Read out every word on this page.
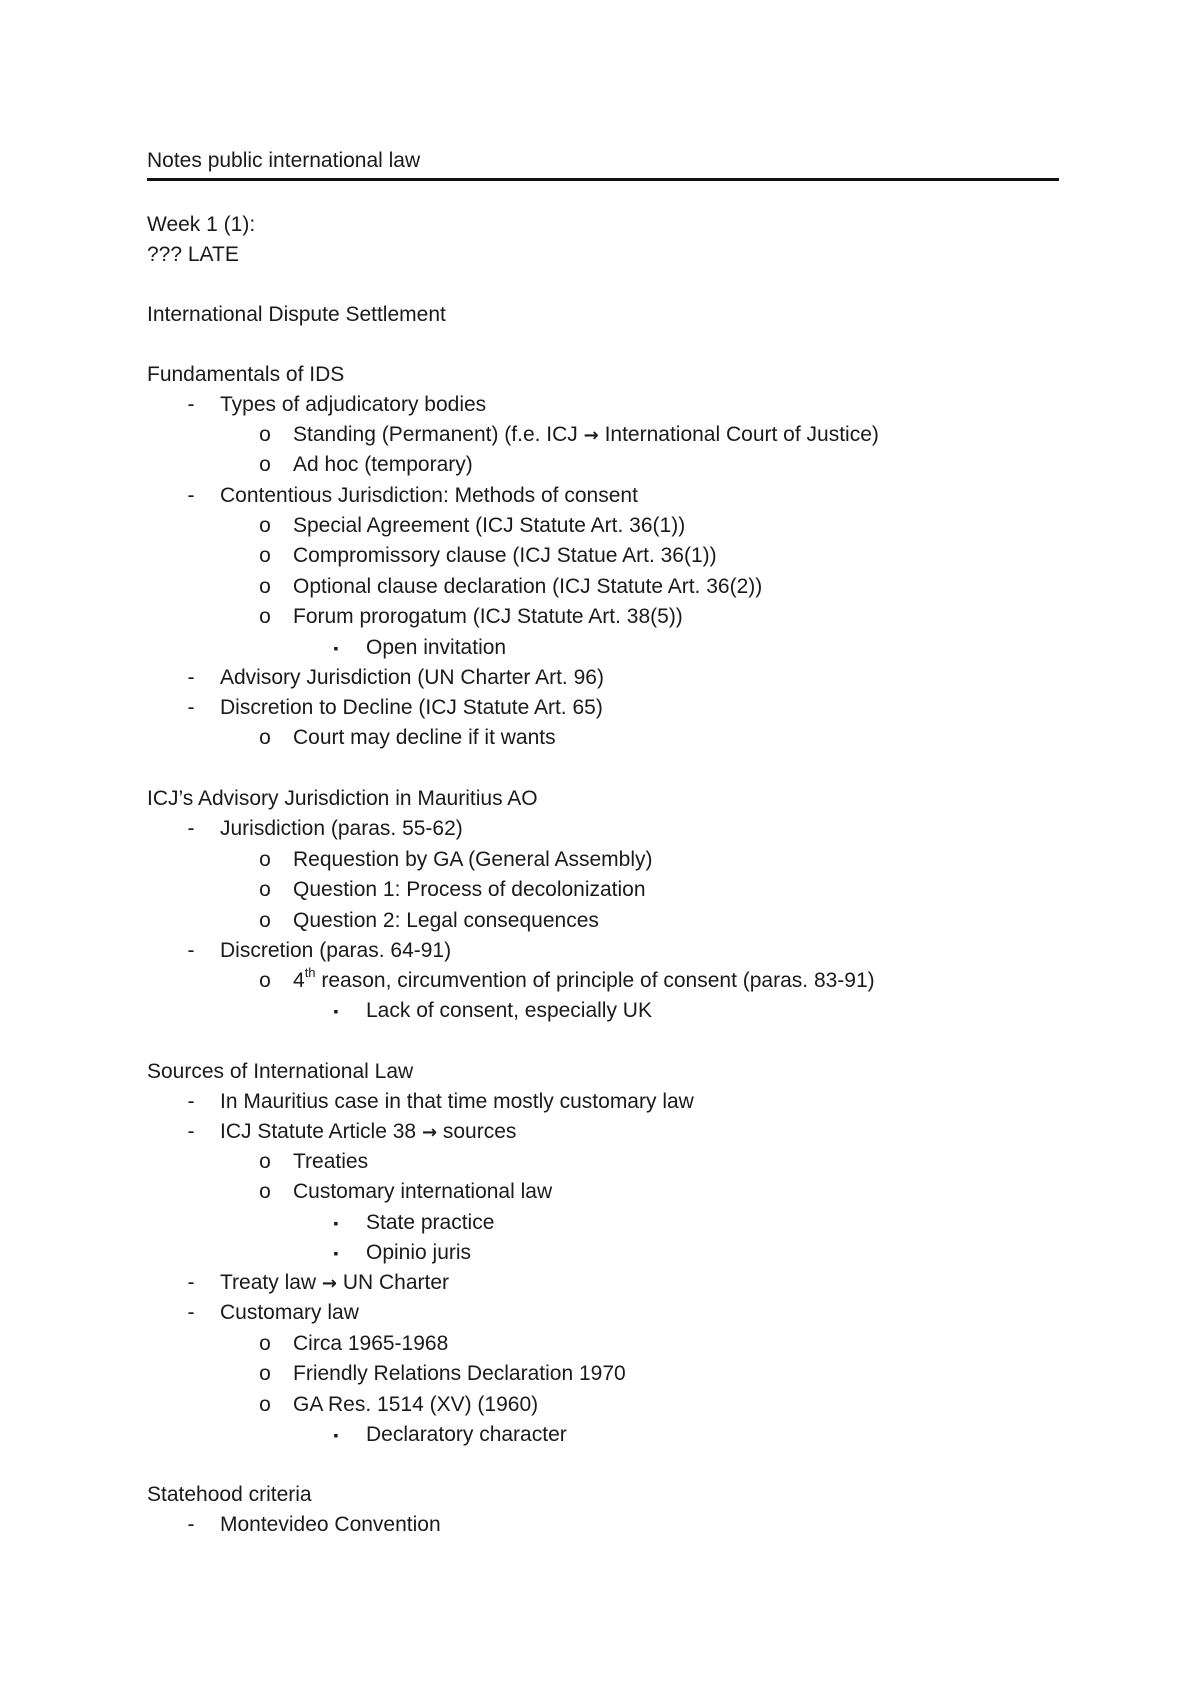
Notes public international law
Week 1 (1):
??? LATE
International Dispute Settlement
Fundamentals of IDS
- Types of adjudicatory bodies
o Standing (Permanent) (f.e. ICJ → International Court of Justice)
o Ad hoc (temporary)
- Contentious Jurisdiction: Methods of consent
o Special Agreement (ICJ Statute Art. 36(1))
o Compromissory clause (ICJ Statue Art. 36(1))
o Optional clause declaration (ICJ Statute Art. 36(2))
o Forum prorogatum (ICJ Statute Art. 38(5))
▪ Open invitation
- Advisory Jurisdiction (UN Charter Art. 96)
- Discretion to Decline (ICJ Statute Art. 65)
o Court may decline if it wants
ICJ’s Advisory Jurisdiction in Mauritius AO
- Jurisdiction (paras. 55-62)
o Requestion by GA (General Assembly)
o Question 1: Process of decolonization
o Question 2: Legal consequences
- Discretion (paras. 64-91)
o 4th reason, circumvention of principle of consent (paras. 83-91)
▪ Lack of consent, especially UK
Sources of International Law
- In Mauritius case in that time mostly customary law
- ICJ Statute Article 38 → sources
o Treaties
o Customary international law
▪ State practice
▪ Opinio juris
- Treaty law → UN Charter
- Customary law
o Circa 1965-1968
o Friendly Relations Declaration 1970
o GA Res. 1514 (XV) (1960)
▪ Declaratory character
Statehood criteria
- Montevideo Convention
